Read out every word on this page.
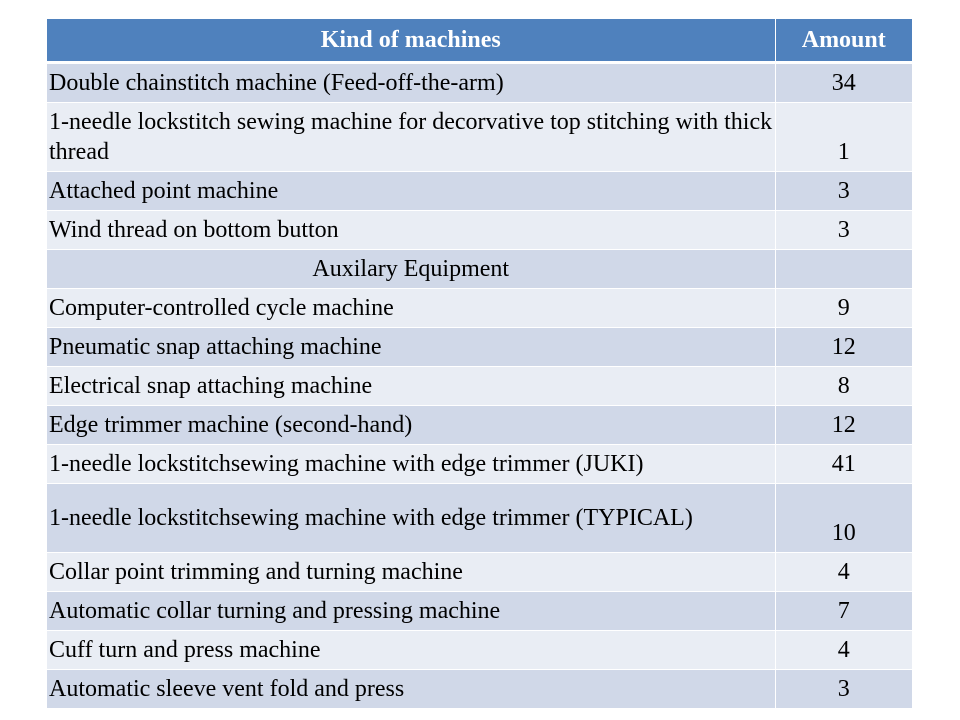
Kind of machines	Amount
Double chainstitch machine (Feed-off-the-arm)	34
1-needle lockstitch sewing machine for decorvative top stitching with thick thread	1
Attached point machine	3
Wind thread on bottom button	3
Auxilary Equipment	
Computer-controlled cycle machine	9
Pneumatic snap attaching machine	12
Electrical snap attaching machine	8
Edge trimmer machine (second-hand)	12
1-needle lockstitchsewing machine with edge trimmer (JUKI)	41
1-needle lockstitchsewing machine with edge trimmer (TYPICAL)	10
Collar point trimming and turning machine	4
Automatic collar turning and pressing machine	7
Cuff turn and press machine	4
Automatic sleeve vent fold and press	3
